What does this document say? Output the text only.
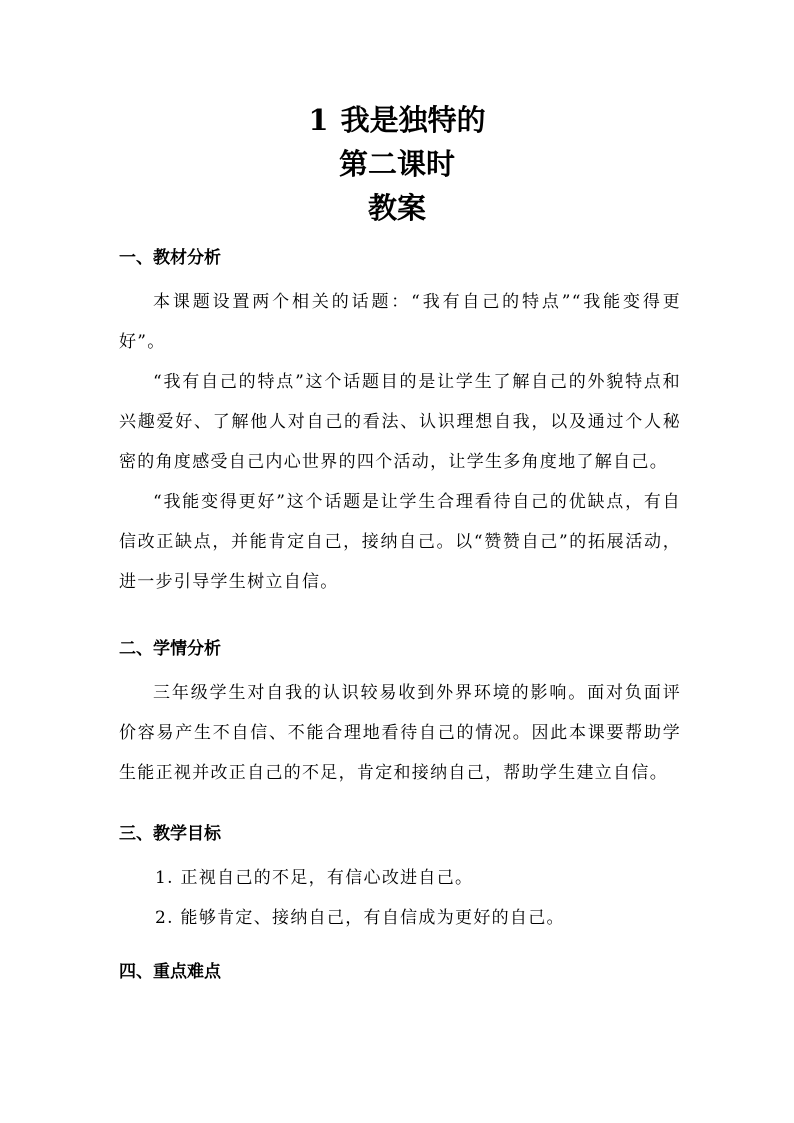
1 我是独特的
第二课时
教案
一、教材分析

本课题设置两个相关的话题：“我有自己的特点”“我能变得更好”。

“我有自己的特点”这个话题目的是让学生了解自己的外貌特点和兴趣爱好、了解他人对自己的看法、认识理想自我，以及通过个人秘密的角度感受自己内心世界的四个活动，让学生多角度地了解自己。

“我能变得更好”这个话题是让学生合理看待自己的优缺点，有自信改正缺点，并能肯定自己，接纳自己。以“赞赞自己”的拓展活动，进一步引导学生树立自信。

二、学情分析

三年级学生对自我的认识较易收到外界环境的影响。面对负面评价容易产生不自信、不能合理地看待自己的情况。因此本课要帮助学生能正视并改正自己的不足，肯定和接纳自己，帮助学生建立自信。

三、教学目标
1. 正视自己的不足，有信心改进自己。
2. 能够肯定、接纳自己，有自信成为更好的自己。
四、重点难点
